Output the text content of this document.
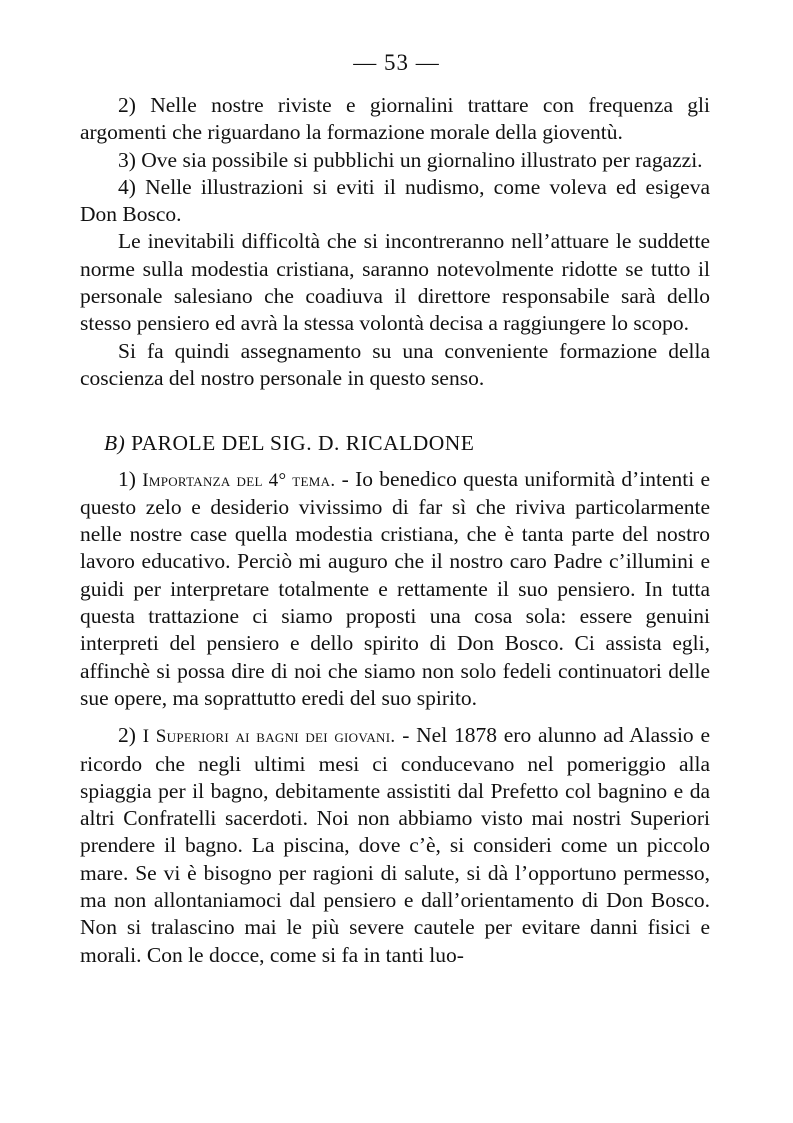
— 53 —

2) Nelle nostre riviste e giornalini trattare con frequenza gli argomenti che riguardano la formazione morale della gioventù.

3) Ove sia possibile si pubblichi un giornalino illustrato per ragazzi.

4) Nelle illustrazioni si eviti il nudismo, come voleva ed esigeva Don Bosco.

Le inevitabili difficoltà che si incontreranno nell’attuare le suddette norme sulla modestia cristiana, saranno notevolmente ridotte se tutto il personale salesiano che coadiuva il direttore responsabile sarà dello stesso pensiero ed avrà la stessa volontà decisa a raggiungere lo scopo.

Si fa quindi assegnamento su una conveniente formazione della coscienza del nostro personale in questo senso.

B) PAROLE DEL SIG. D. RICALDONE

1) Importanza del 4° tema. - Io benedico questa uniformità d’intenti e questo zelo e desiderio vivissimo di far sì che riviva particolarmente nelle nostre case quella modestia cristiana, che è tanta parte del nostro lavoro educativo. Perciò mi auguro che il nostro caro Padre c’illumini e guidi per interpretare totalmente e rettamente il suo pensiero. In tutta questa trattazione ci siamo proposti una cosa sola: essere genuini interpreti del pensiero e dello spirito di Don Bosco. Ci assista egli, affinchè si possa dire di noi che siamo non solo fedeli continuatori delle sue opere, ma soprattutto eredi del suo spirito.

2) I Superiori ai bagni dei giovani. - Nel 1878 ero alunno ad Alassio e ricordo che negli ultimi mesi ci conducevano nel pomeriggio alla spiaggia per il bagno, debitamente assistiti dal Prefetto col bagnino e da altri Confratelli sacerdoti. Noi non abbiamo visto mai nostri Superiori prendere il bagno. La piscina, dove c’è, si consideri come un piccolo mare. Se vi è bisogno per ragioni di salute, si dà l’opportuno permesso, ma non allontaniamoci dal pensiero e dall’orientamento di Don Bosco. Non si tralascino mai le più severe cautele per evitare danni fisici e morali. Con le docce, come si fa in tanti luo-
